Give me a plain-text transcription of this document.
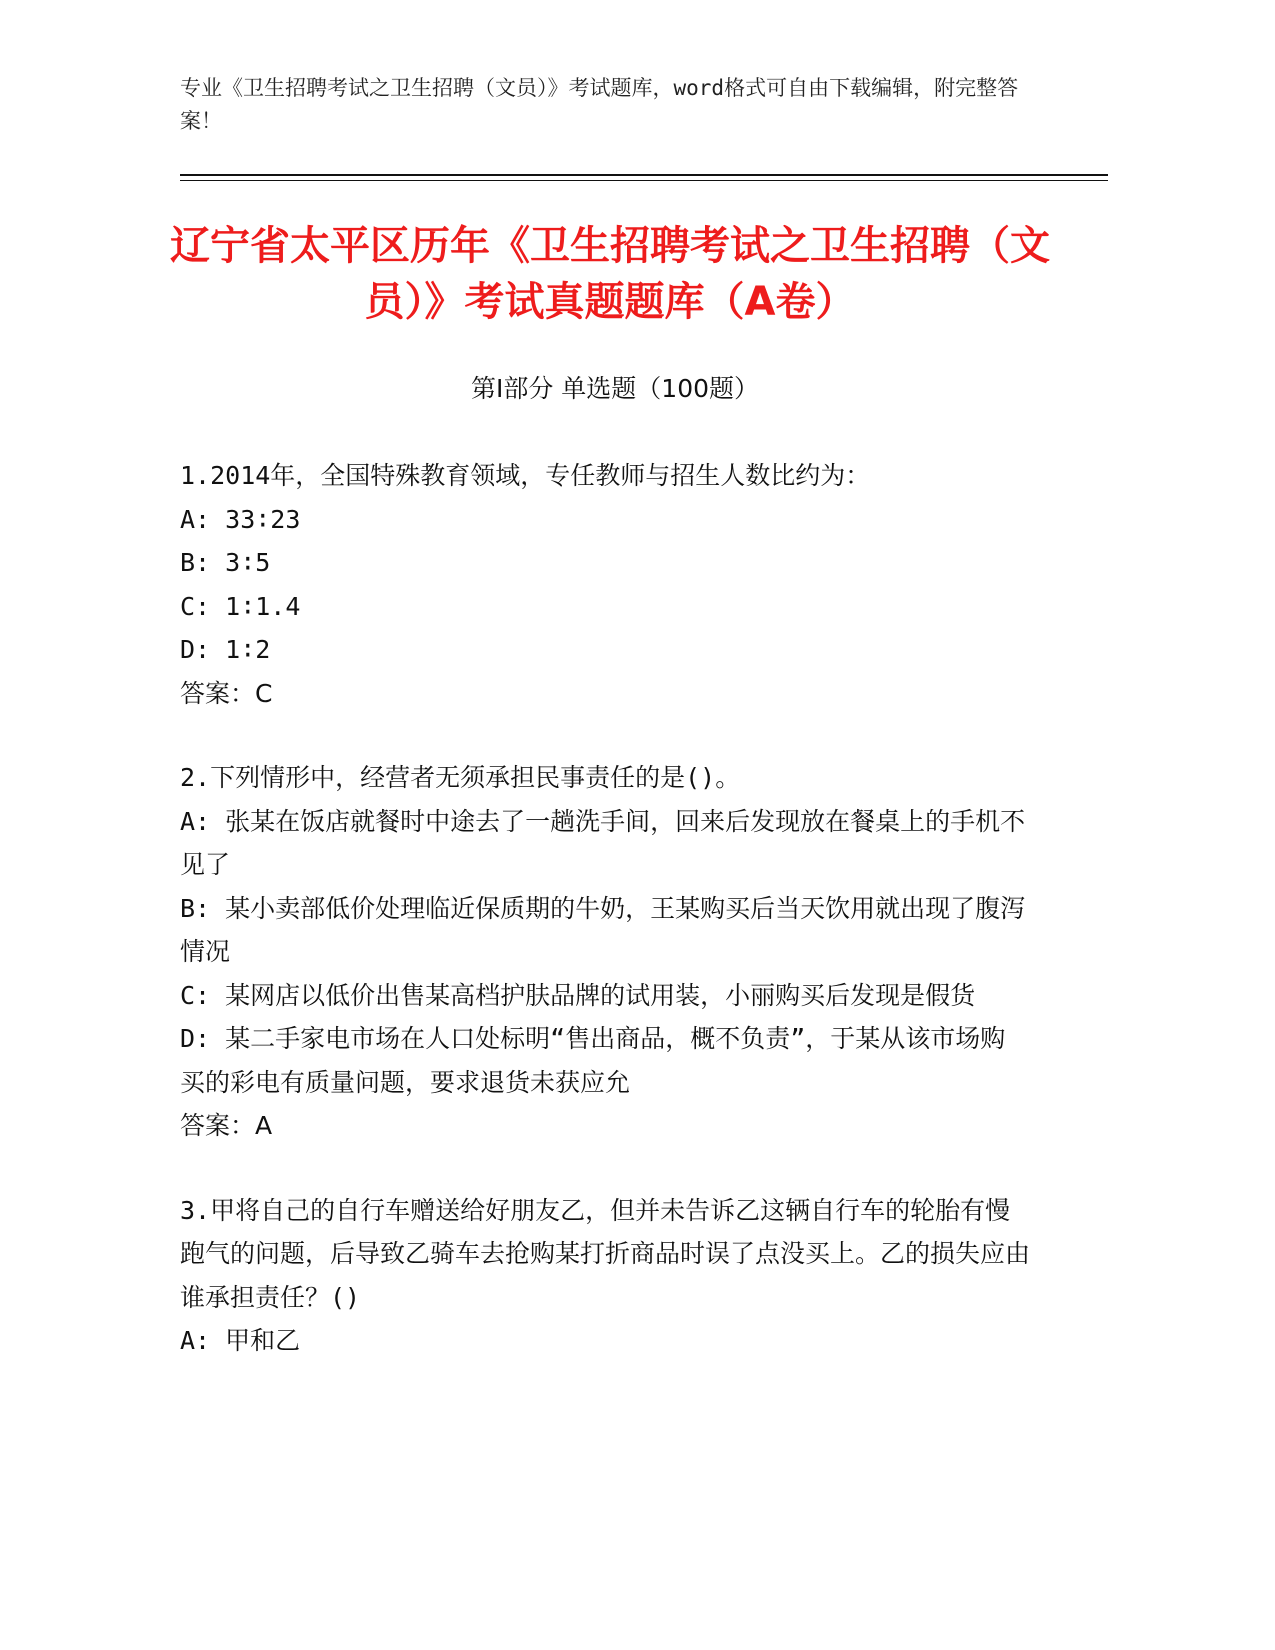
专业《卫生招聘考试之卫生招聘（文员）》考试题库，word格式可自由下载编辑，附完整答案！
辽宁省太平区历年《卫生招聘考试之卫生招聘（文员）》考试真题题库（A卷）
第I部分 单选题（100题）
1.2014年，全国特殊教育领域，专任教师与招生人数比约为：
A: 33∶23
B: 3∶5
C: 1∶1.4
D: 1∶2
答案：C
2.下列情形中，经营者无须承担民事责任的是()。
A: 张某在饭店就餐时中途去了一趟洗手间，回来后发现放在餐桌上的手机不见了
B: 某小卖部低价处理临近保质期的牛奶，王某购买后当天饮用就出现了腹泻情况
C: 某网店以低价出售某高档护肤品牌的试用装，小丽购买后发现是假货
D: 某二手家电市场在人口处标明“售出商品，概不负责”，于某从该市场购买的彩电有质量问题，要求退货未获应允
答案：A
3.甲将自己的自行车赠送给好朋友乙，但并未告诉乙这辆自行车的轮胎有慢跑气的问题，后导致乙骑车去抢购某打折商品时误了点没买上。乙的损失应由谁承担责任？()
A: 甲和乙
